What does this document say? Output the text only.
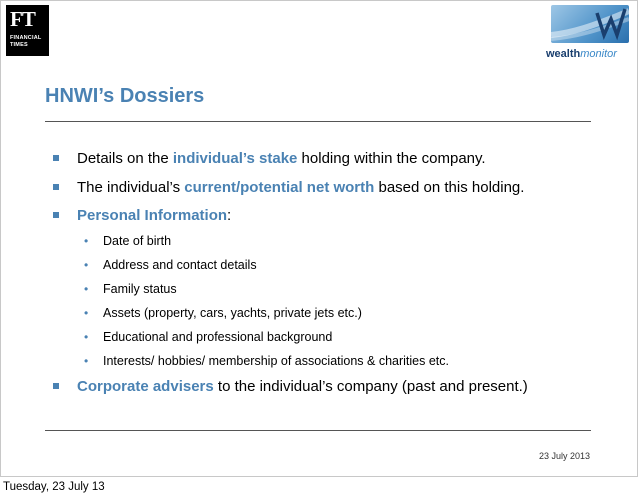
FT
FINANCIAL
TIMES
wealthmonitor
HNWI’s Dossiers
Details on the individual’s stake holding within the company.
The individual’s current/potential net worth based on this holding.
Personal Information:
• Date of birth
• Address and contact details
• Family status
• Assets (property, cars, yachts, private jets etc.)
• Educational and professional background
• Interests/ hobbies/ membership of associations & charities etc.
Corporate advisers to the individual’s company (past and present.)
23 July 2013
Tuesday, 23 July 13
